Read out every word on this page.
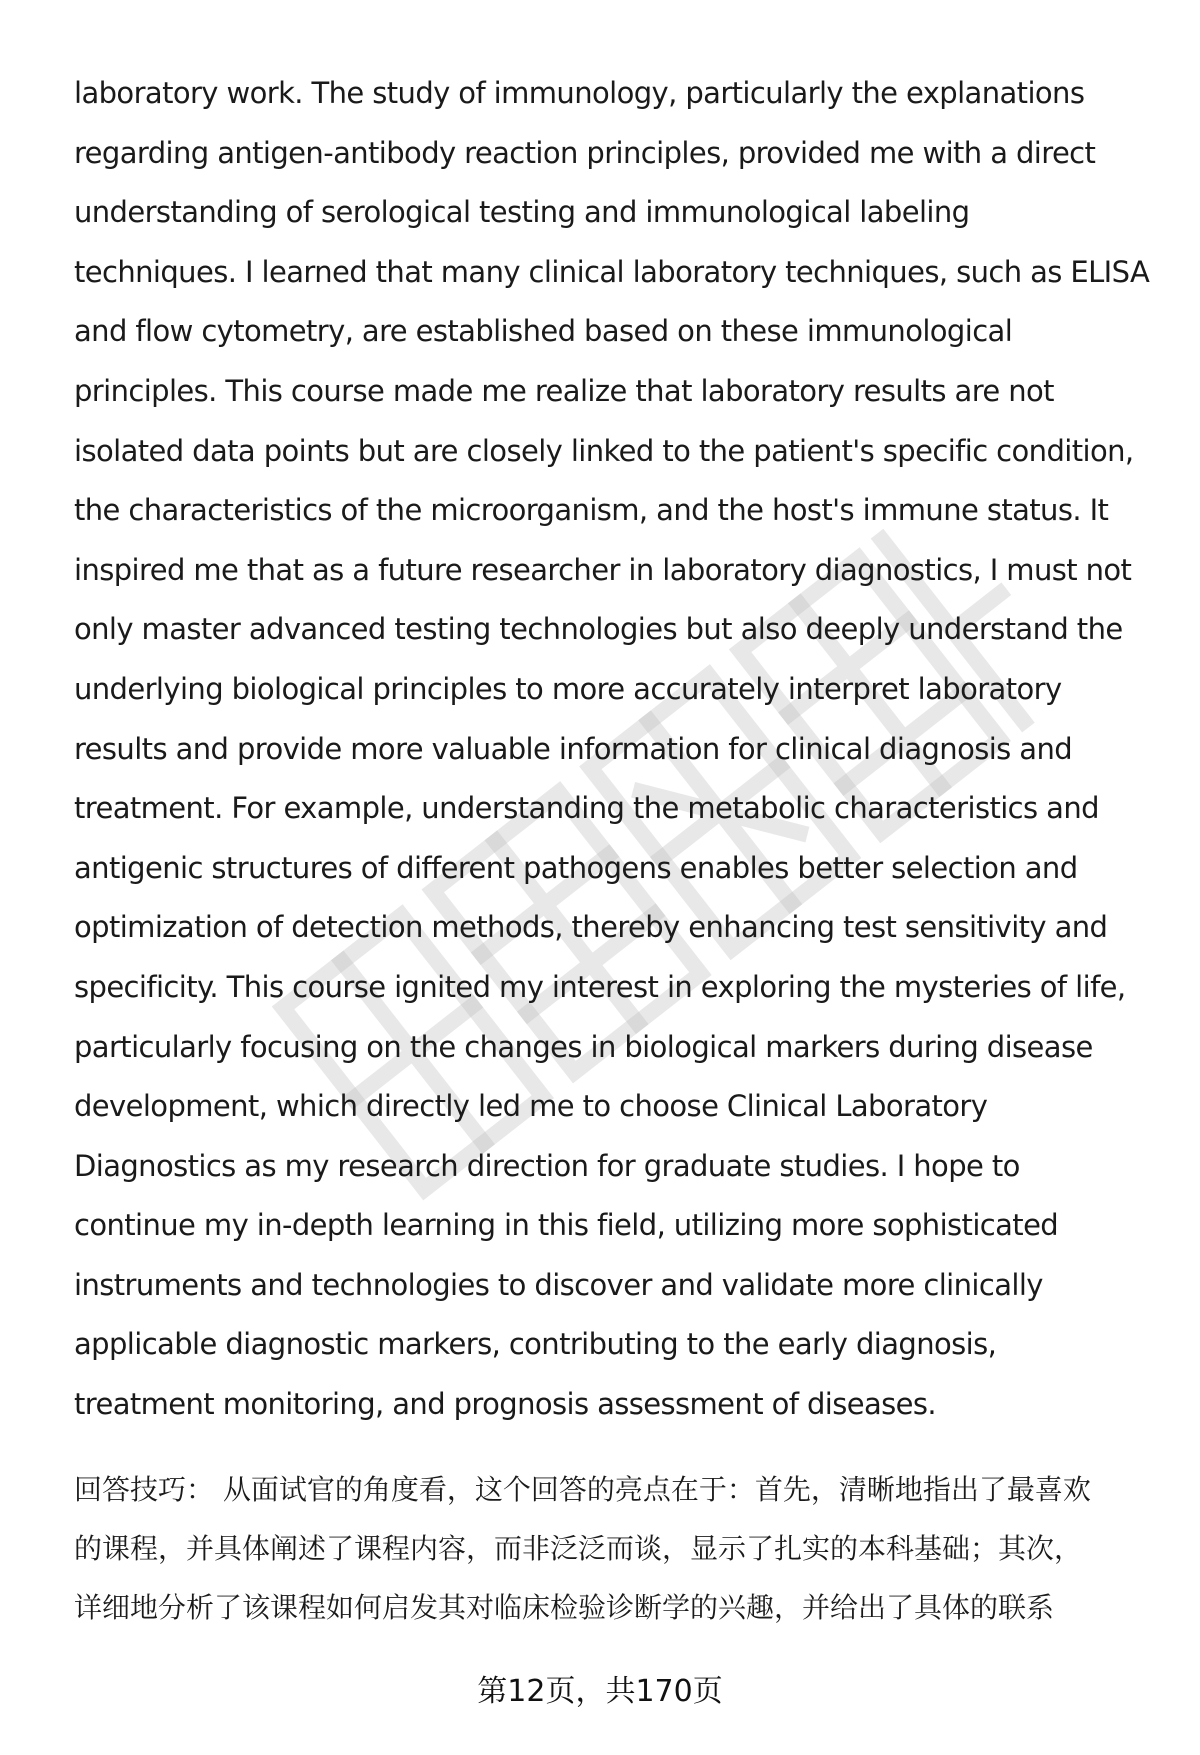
laboratory work. The study of immunology, particularly the explanations
regarding antigen-antibody reaction principles, provided me with a direct
understanding of serological testing and immunological labeling
techniques. I learned that many clinical laboratory techniques, such as ELISA
and flow cytometry, are established based on these immunological
principles. This course made me realize that laboratory results are not
isolated data points but are closely linked to the patient's specific condition,
the characteristics of the microorganism, and the host's immune status. It
inspired me that as a future researcher in laboratory diagnostics, I must not
only master advanced testing technologies but also deeply understand the
underlying biological principles to more accurately interpret laboratory
results and provide more valuable information for clinical diagnosis and
treatment. For example, understanding the metabolic characteristics and
antigenic structures of different pathogens enables better selection and
optimization of detection methods, thereby enhancing test sensitivity and
specificity. This course ignited my interest in exploring the mysteries of life,
particularly focusing on the changes in biological markers during disease
development, which directly led me to choose Clinical Laboratory
Diagnostics as my research direction for graduate studies. I hope to
continue my in-depth learning in this field, utilizing more sophisticated
instruments and technologies to discover and validate more clinically
applicable diagnostic markers, contributing to the early diagnosis,
treatment monitoring, and prognosis assessment of diseases.

回答技巧： 从面试官的角度看，这个回答的亮点在于：首先，清晰地指出了最喜欢
的课程，并具体阐述了课程内容，而非泛泛而谈，显示了扎实的本科基础；其次，
详细地分析了该课程如何启发其对临床检验诊断学的兴趣，并给出了具体的联系

第12页，共170页
